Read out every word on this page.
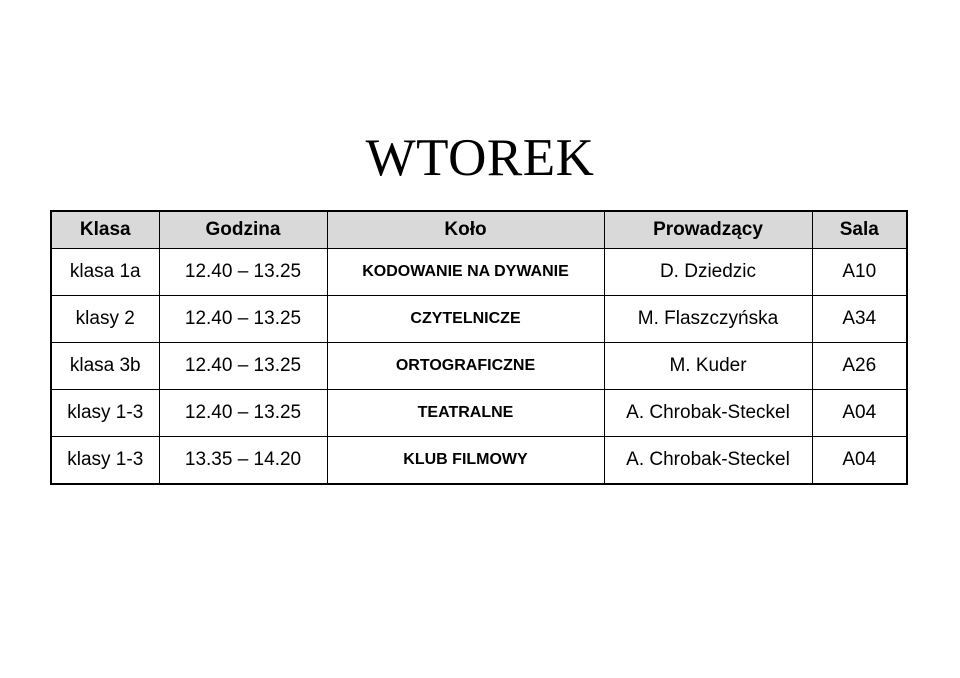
WTOREK
Klasa	Godzina	Koło	Prowadzący	Sala
klasa 1a	12.40 – 13.25	KODOWANIE NA DYWANIE	D. Dziedzic	A10
klasy 2	12.40 – 13.25	CZYTELNICZE	M. Flaszczyńska	A34
klasa 3b	12.40 – 13.25	ORTOGRAFICZNE	M. Kuder	A26
klasy 1-3	12.40 – 13.25	TEATRALNE	A. Chrobak-Steckel	A04
klasy 1-3	13.35 – 14.20	KLUB FILMOWY	A. Chrobak-Steckel	A04
